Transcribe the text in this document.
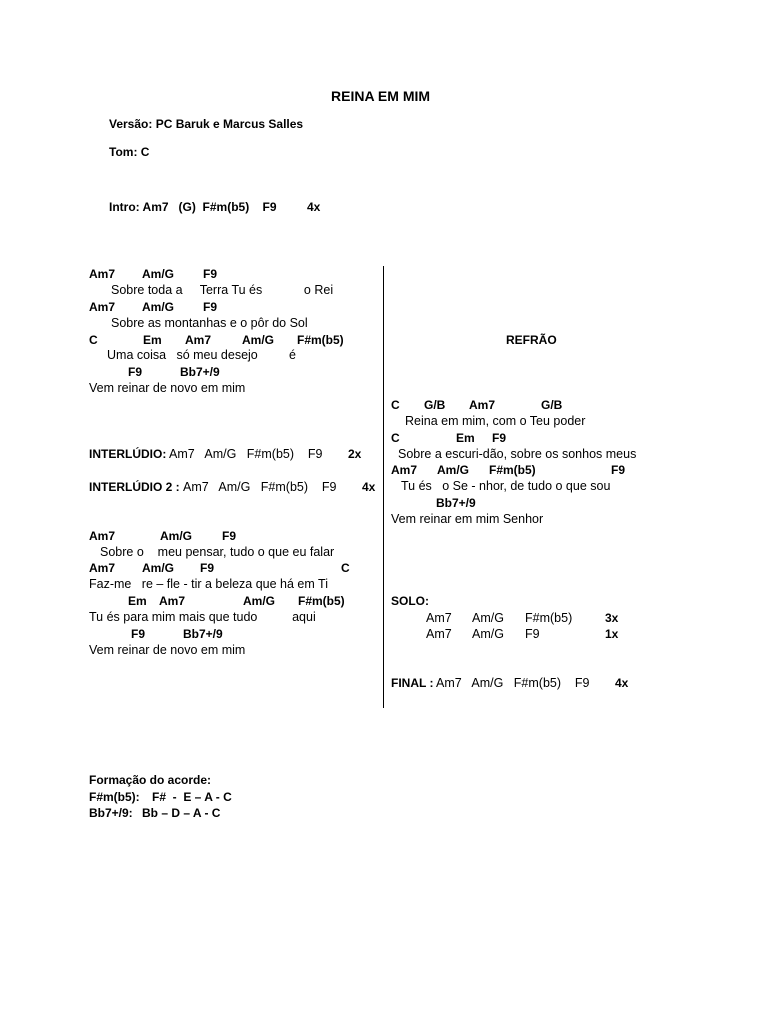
REINA EM MIM
Versão: PC Baruk e Marcus Salles
Tom: C
Intro: Am7   (G)  F#m(b5)    F9	4x
Am7 Am/G F9
Sobre toda a     Terra Tu és            o Rei
Am7 Am/G F9
Sobre as montanhas e o pôr do Sol
C	Em Am7	Am/G F#m(b5)
Uma coisa   só meu desejo         é
F9	Bb7+/9
Vem reinar de novo em mim
INTERLÚDIO: Am7   Am/G   F#m(b5)    F9 2x
INTERLÚDIO 2 : Am7   Am/G   F#m(b5)    F9 4x
Am7	Am/G F9
Sobre o    meu pensar, tudo o que eu falar
Am7 Am/G F9	C
Faz-me   re – fle - tir a beleza que há em Ti
Em Am7	Am/G F#m(b5)
Tu és para mim mais que tudo          aqui
F9	Bb7+/9
Vem reinar de novo em mim
REFRÃO
C G/B Am7	G/B
Reina em mim, com o Teu poder
C	Em F9
Sobre a escuri-dão, sobre os sonhos meus
Am7 Am/G F#m(b5)	F9
Tu és   o Se - nhor, de tudo o que sou
Bb7+/9
Vem reinar em mim Senhor
SOLO:
Am7 Am/G F#m(b5)	3x
Am7 Am/G F9	1x
FINAL : Am7   Am/G   F#m(b5)    F9 4x
Formação do acorde:
F#m(b5): F#  -  E – A - C
Bb7+/9: Bb – D – A - C
